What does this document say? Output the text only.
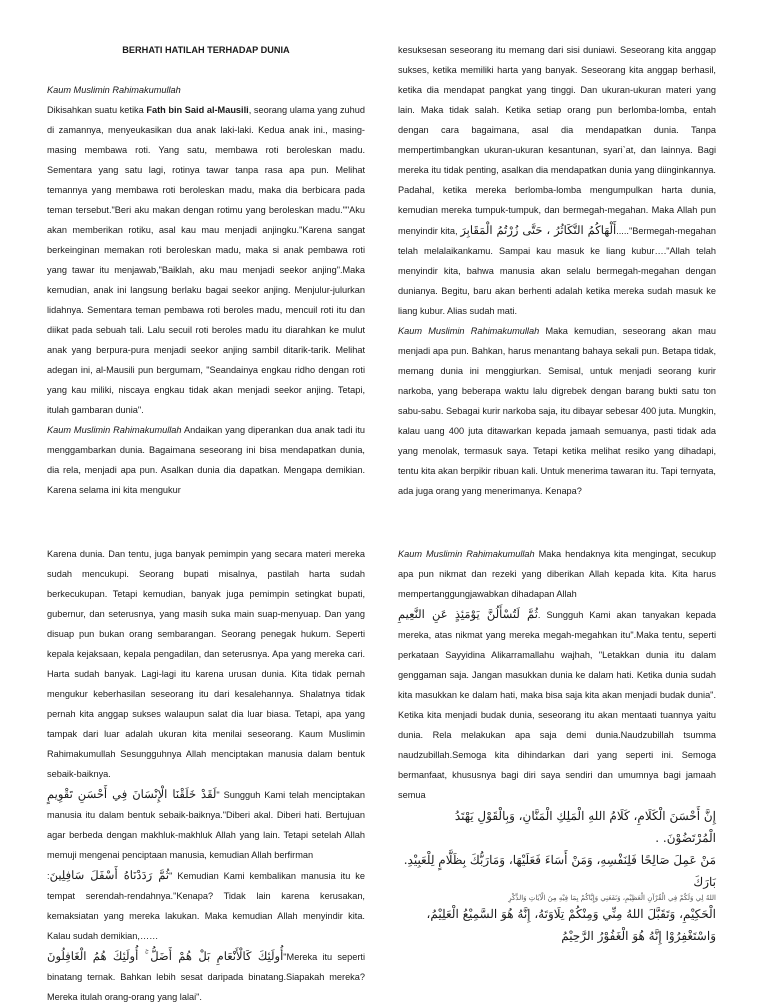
BERHATI HATILAH TERHADAP DUNIA

Kaum Muslimin Rahimakumullah

Dikisahkan suatu ketika Fath bin Said al-Mausili, seorang ulama yang zuhud di zamannya, menyeukasikan dua anak laki-laki. Kedua anak ini., masing-masing membawa roti. Yang satu, membawa roti beroleskan madu. Sementara yang satu lagi, rotinya tawar tanpa rasa apa pun. Melihat temannya yang membawa roti beroleskan madu, maka dia berbicara pada teman tersebut."Beri aku makan dengan rotimu yang beroleskan madu.""Aku akan memberikan rotiku, asal kau mau menjadi anjingku."Karena sangat berkeinginan memakan roti beroleskan madu, maka si anak pembawa roti yang tawar itu menjawab,"Baiklah, aku mau menjadi seekor anjing".Maka kemudian, anak ini langsung berlaku bagai seekor anjing. Menjulur-julurkan lidahnya. Sementara teman pembawa roti beroles madu, mencuil roti itu dan diikat pada sebuah tali. Lalu secuil roti beroles madu itu diarahkan ke mulut anak yang berpura-pura menjadi seekor anjing sambil ditarik-tarik. Melihat adegan ini, al-Mausili pun bergumam, "Seandainya engkau ridho dengan roti yang kau miliki, niscaya engkau tidak akan menjadi seekor anjing. Tetapi, itulah gambaran dunia".

Kaum Muslimin Rahimakumullah Andaikan yang diperankan dua anak tadi itu menggambarkan dunia. Bagaimana seseorang ini bisa mendapatkan dunia, dia rela, menjadi apa pun. Asalkan dunia dia dapatkan. Mengapa demikian. Karena selama ini kita mengukur

kesuksesan seseorang itu memang dari sisi duniawi. Seseorang kita anggap sukses, ketika memiliki harta yang banyak. Seseorang kita anggap berhasil, ketika dia mendapat pangkat yang tinggi. Dan ukuran-ukuran materi yang lain. Maka tidak salah. Ketika setiap orang pun berlomba-lomba, entah dengan cara bagaimana, asal dia mendapatkan dunia. Tanpa mempertimbangkan ukuran-ukuran kesantunan, syari`at, dan lainnya. Bagi mereka itu tidak penting, asalkan dia mendapatkan dunia yang diinginkannya. Padahal, ketika mereka berlomba-lomba mengumpulkan harta dunia, kemudian mereka tumpuk-tumpuk, dan bermegah-megahan. Maka Allah pun menyindir kita, أَلْهَاكُمُ التَّكَاثُرُ ، حَتَّى زُرْتُمُ الْمَقَابِرَ....."Bermegah-megahan telah melalaikankamu. Sampai kau masuk ke liang kubur…."Allah telah menyindir kita, bahwa manusia akan selalu bermegah-megahan dengan dunianya. Begitu, baru akan berhenti adalah ketika mereka sudah masuk ke liang kubur. Alias sudah mati.

Kaum Muslimin Rahimakumullah Maka kemudian, seseorang akan mau menjadi apa pun. Bahkan, harus menantang bahaya sekali pun. Betapa tidak, memang dunia ini menggiurkan. Semisal, untuk menjadi seorang kurir narkoba, yang beberapa waktu lalu digrebek dengan barang bukti satu ton sabu-sabu. Sebagai kurir narkoba saja, itu dibayar sebesar 400 juta. Mungkin, kalau uang 400 juta ditawarkan kepada jamaah semuanya, pasti tidak ada yang menolak, termasuk saya. Tetapi ketika melihat resiko yang dihadapi, tentu kita akan berpikir ribuan kali. Untuk menerima tawaran itu. Tapi ternyata, ada juga orang yang menerimanya. Kenapa?

Karena dunia. Dan tentu, juga banyak pemimpin yang secara materi mereka sudah mencukupi. Seorang bupati misalnya, pastilah harta sudah berkecukupan. Tetapi kemudian, banyak juga pemimpin setingkat bupati, gubernur, dan seterusnya, yang masih suka main suap-menyuap. Dan yang disuap pun bukan orang sembarangan. Seorang penegak hukum. Seperti kepala kejaksaan, kepala pengadilan, dan seterusnya. Apa yang mereka cari. Harta sudah banyak. Lagi-lagi itu karena urusan dunia. Kita tidak pernah mengukur keberhasilan seseorang itu dari kesalehannya. Shalatnya tidak pernah kita anggap sukses walaupun salat dia luar biasa. Tetapi, apa yang tampak dari luar adalah ukuran kita menilai seseorang. Kaum Muslimin Rahimakumullah Sesungguhnya Allah menciptakan manusia dalam bentuk sebaik-baiknya.

لَقَدْ خَلَقْنَا الْإِنْسَانَ فِي أَحْسَنِ تَقْوِيمٍ" Sungguh Kami telah menciptakan manusia itu dalam bentuk sebaik-baiknya."Diberi akal. Diberi hati. Bertujuan agar berbeda dengan makhluk-makhluk Allah yang lain. Tetapi setelah Allah memuji mengenai penciptaan manusia, kemudian Allah berfirman

:ثُمَّ رَدَدْنَاهُ أَسْفَلَ سَافِلِينَ" Kemudian Kami kembalikan manusia itu ke tempat serendah-rendahnya."Kenapa? Tidak lain karena kerusakan, kemaksiatan yang mereka lakukan. Maka kemudian Allah menyindir kita. Kalau sudah demikian,……

أُولَئِكَ كَالْأَنْعَامِ بَلْ هُمْ أَضَلُّ ۚ أُولَئِكَ هُمُ الْغَافِلُونَ"Mereka itu seperti binatang ternak. Bahkan lebih sesat daripada binatang.Siapakah mereka? Mereka itulah orang-orang yang lalai".

Kaum Muslimin Rahimakumullah Maka hendaknya kita mengingat, secukup apa pun nikmat dan rezeki yang diberikan Allah kepada kita. Kita harus mempertanggungjawabkan dihadapan Allah

ثُمَّ لَتُسْأَلُنَّ يَوْمَئِذٍ عَنِ النَّعِيمِ. Sungguh Kami akan tanyakan kepada mereka, atas nikmat yang mereka megah-megahkan itu".Maka tentu, seperti perkataan Sayyidina Alikarramallahu wajhah, "Letakkan dunia itu dalam genggaman saja. Jangan masukkan dunia ke dalam hati. Ketika dunia sudah kita masukkan ke dalam hati, maka bisa saja kita akan menjadi budak dunia". Ketika kita menjadi budak dunia, seseorang itu akan mentaati tuannya yaitu dunia. Rela melakukan apa saja demi dunia.Naudzubillah tsumma naudzubillah.Semoga kita dihindarkan dari yang seperti ini. Semoga bermanfaat, khususnya bagi diri saya sendiri dan umumnya bagi jamaah semua

إِنَّ أَحْسَنَ الْكَلَامِ، كَلَامُ اللهِ الْمَلِكِ الْمَنَّانِ، وَبِالْقَوْلِ يَهْتَدُ الْمُرْتَضُوْنَ. .

مَنْ عَمِلَ صَالِحًا فَلِنَفْسِهِ، وَمَنْ أَسَاءَ فَعَلَيْهَا، وَمَارَبُّكَ بِظَلَّامٍ لِلْعَبِيْدِ. بَارَكَ

اللهُ لِي وَلَكُمْ فِي الْقُرْآنِ الْعَظِيْمِ، وَنَفَعَنِي وَإِيَّاكُمْ بِمَا فِيْهِ مِنَ الْآيَاتِ وَالذِّكْرِ

الْحَكِيْمِ، وَتَقَبَّلَ اللهُ مِنِّي وَمِنْكُمْ تِلَاوَتَهُ، إِنَّهُ هُوَ السَّمِيْعُ الْعَلِيْمُ،

وَاسْتَغْفِرُوْا إِنَّهُ هُوَ الْغَفُوْرُ الرَّحِيْمُ
